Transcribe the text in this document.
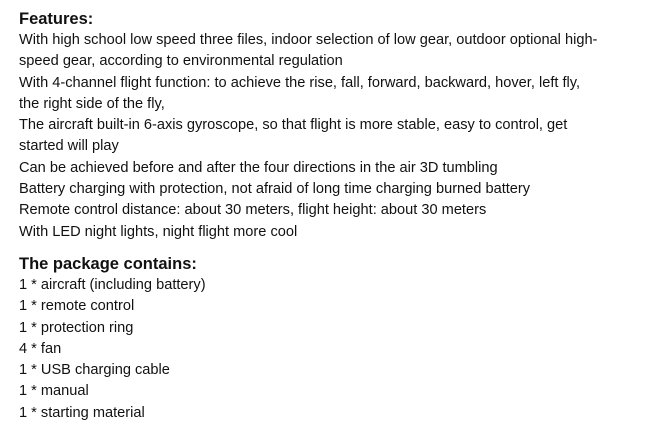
Features:

With high school low speed three files, indoor selection of low gear, outdoor optional high-

speed gear, according to environmental regulation

With 4-channel flight function: to achieve the rise, fall, forward, backward, hover, left fly,

the right side of the fly,

The aircraft built-in 6-axis gyroscope, so that flight is more stable, easy to control, get

started will play

Can be achieved before and after the four directions in the air 3D tumbling

Battery charging with protection, not afraid of long time charging burned battery

Remote control distance: about 30 meters, flight height: about 30 meters

With LED night lights, night flight more cool

The package contains:

1 * aircraft (including battery)

1 * remote control

1 * protection ring

4 * fan

1 * USB charging cable

1 * manual

1 * starting material
